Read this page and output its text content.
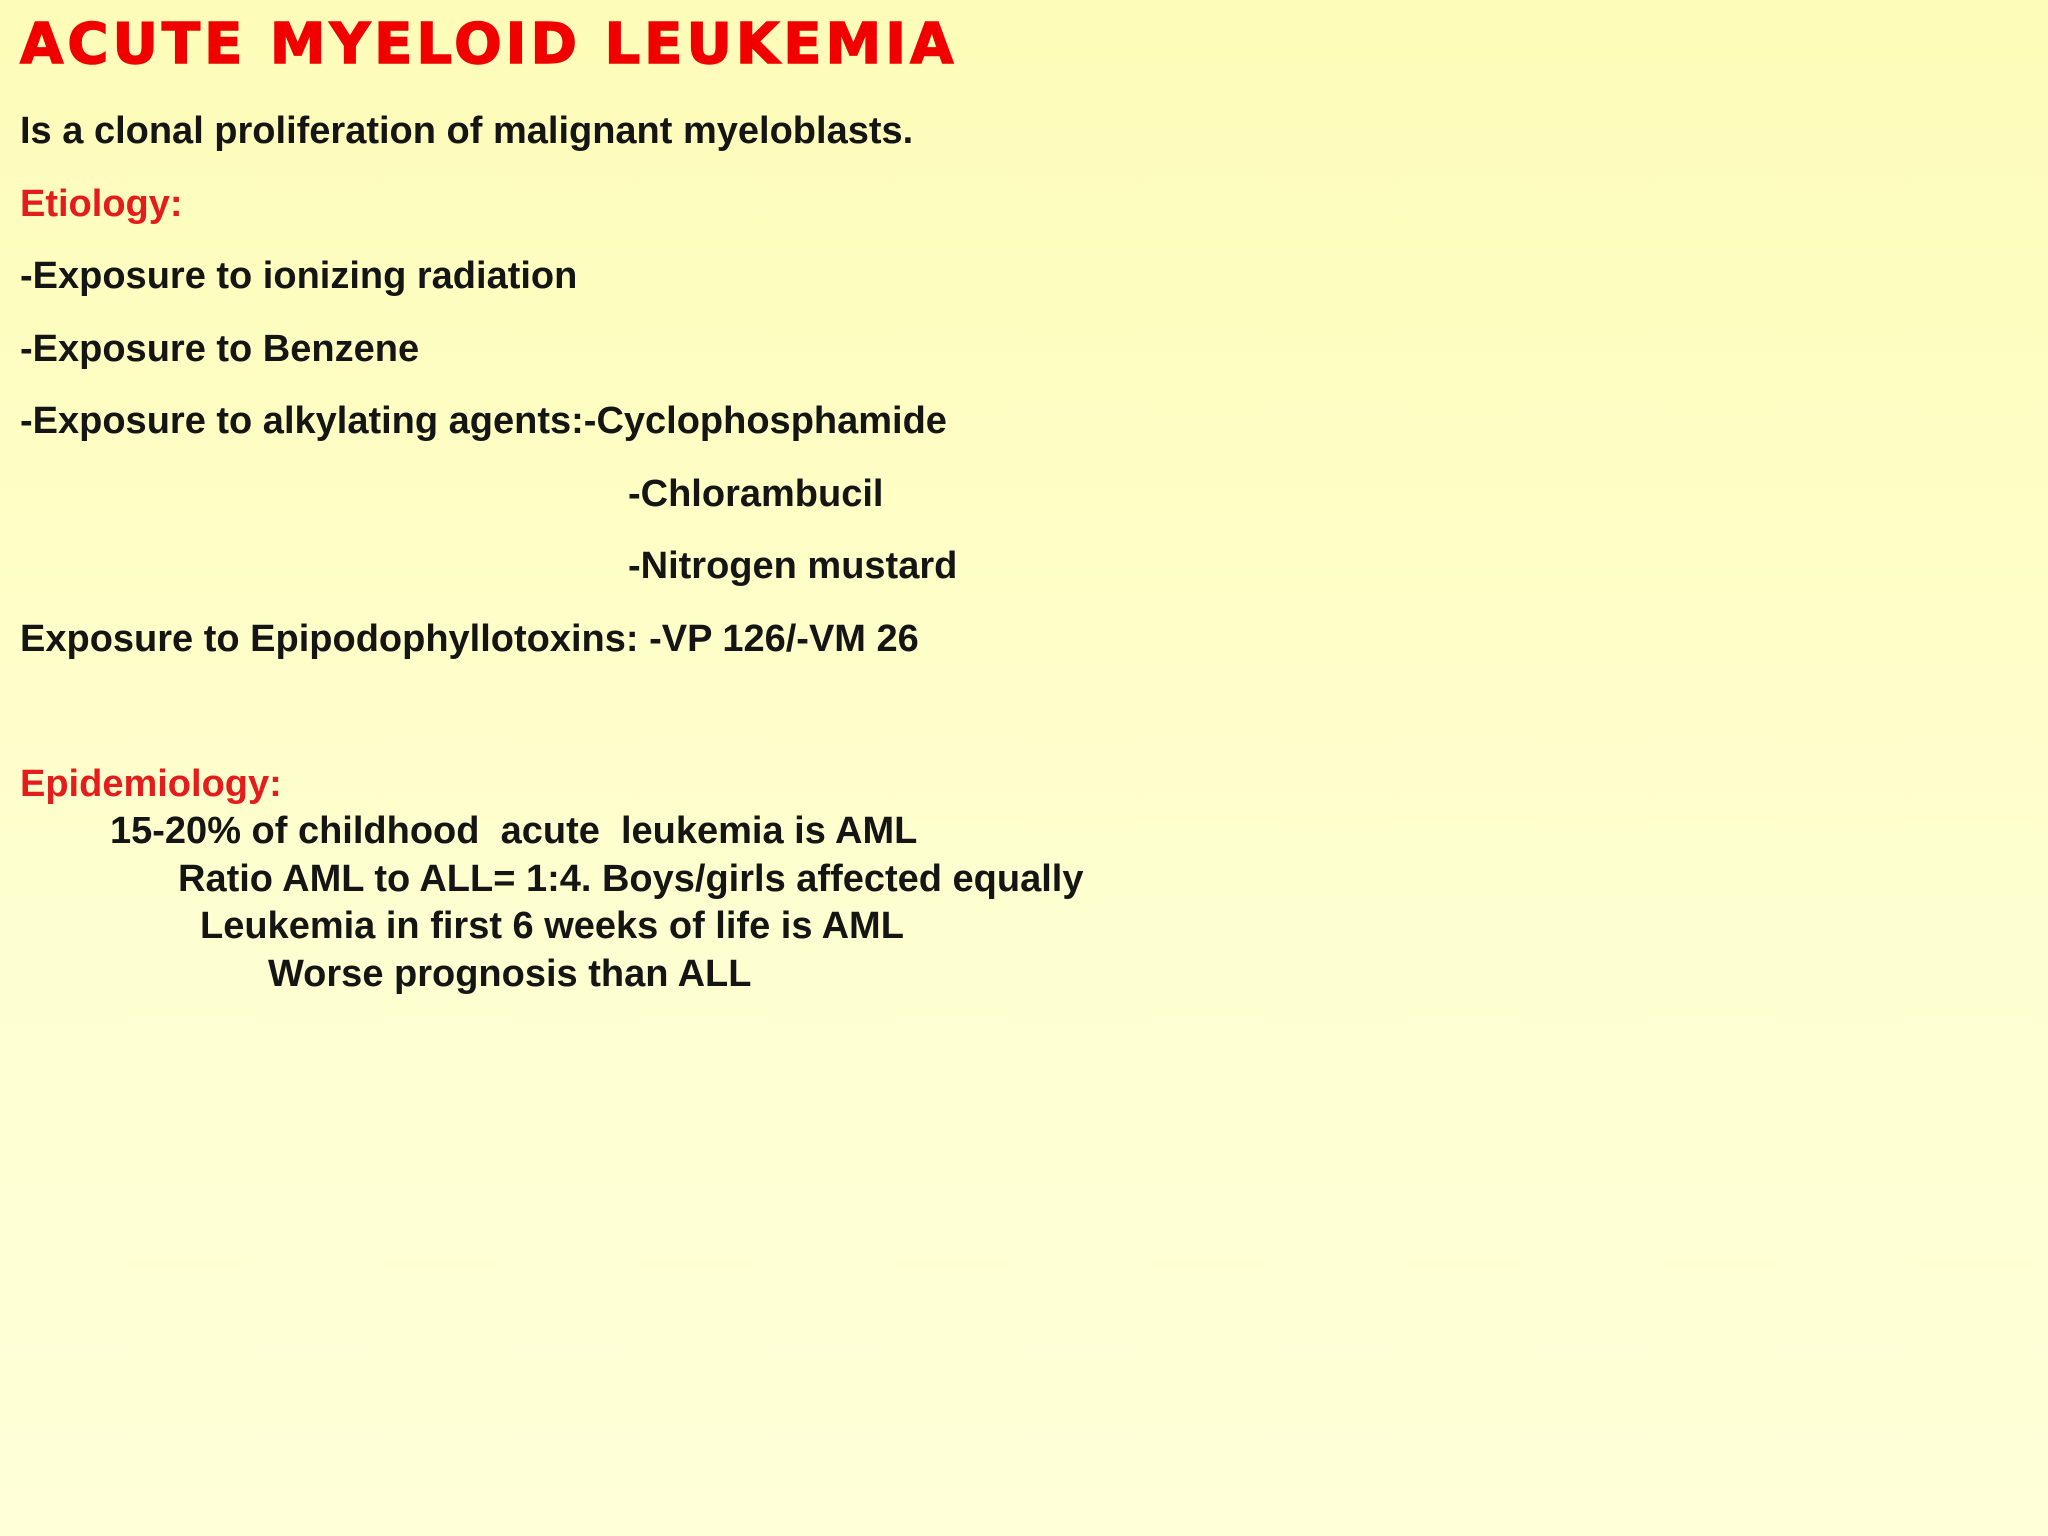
ACUTE MYELOID LEUKEMIA

Is a clonal proliferation of malignant myeloblasts.

Etiology:

-Exposure to ionizing radiation

-Exposure to Benzene

-Exposure to alkylating agents:-Cyclophosphamide

-Chlorambucil

-Nitrogen mustard

Exposure to Epipodophyllotoxins: -VP 126/-VM 26

Epidemiology:

15-20% of childhood  acute  leukemia is AML

Ratio AML to ALL= 1:4. Boys/girls affected equally

Leukemia in first 6 weeks of life is AML

Worse prognosis than ALL
